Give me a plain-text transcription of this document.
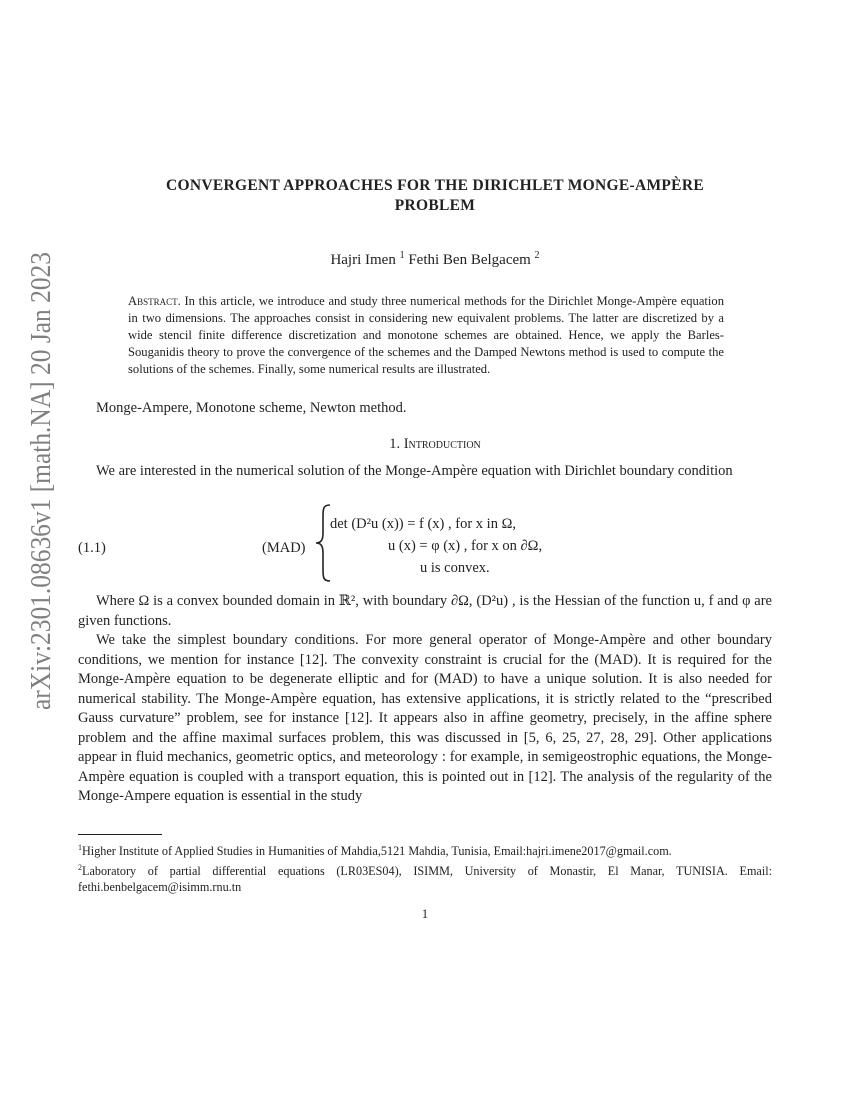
arXiv:2301.08636v1 [math.NA] 20 Jan 2023
CONVERGENT APPROACHES FOR THE DIRICHLET MONGE-AMPÈRE
PROBLEM
Hajri Imen $^1$ Fethi Ben Belgacem $^2$
Abstract. In this article, we introduce and study three numerical methods for the Dirichlet Monge-Ampère equation in two dimensions. The approaches consist in considering new equivalent problems. The latter are discretized by a wide stencil finite difference discretization and monotone schemes are obtained. Hence, we apply the Barles-Souganidis theory to prove the convergence of the schemes and the Damped Newtons method is used to compute the solutions of the schemes. Finally, some numerical results are illustrated.
Monge-Ampere, Monotone scheme, Newton method.
1. Introduction

We are interested in the numerical solution of the Monge-Ampère equation with Dirichlet boundary condition

(1.1)	(MAD)
det (D²u (x)) = f (x) , for x in Ω,
u (x) = φ (x) , for x on ∂Ω,
u is convex.

Where Ω is a convex bounded domain in ℝ², with boundary ∂Ω, (D²u) , is the Hessian of the function u, f and φ are given functions.

We take the simplest boundary conditions. For more general operator of Monge-Ampère and other boundary conditions, we mention for instance [12]. The convexity constraint is crucial for the (MAD). It is required for the Monge-Ampère equation to be degenerate elliptic and for (MAD) to have a unique solution. It is also needed for numerical stability. The Monge-Ampère equation, has extensive applications, it is strictly related to the “prescribed Gauss curvature” problem, see for instance [12]. It appears also in affine geometry, precisely, in the affine sphere problem and the affine maximal surfaces problem, this was discussed in [5, 6, 25, 27, 28, 29]. Other applications appear in fluid mechanics, geometric optics, and meteorology : for example, in semigeostrophic equations, the Monge-Ampère equation is coupled with a transport equation, this is pointed out in [12]. The analysis of the regularity of the Monge-Ampere equation is essential in the study

$^1$Higher Institute of Applied Studies in Humanities of Mahdia,5121 Mahdia, Tunisia, Email:hajri.imene2017@gmail.com.
$^2$Laboratory of partial differential equations (LR03ES04), ISIMM, University of Monastir, El Manar, TUNISIA. Email: fethi.benbelgacem@isimm.rnu.tn
1
